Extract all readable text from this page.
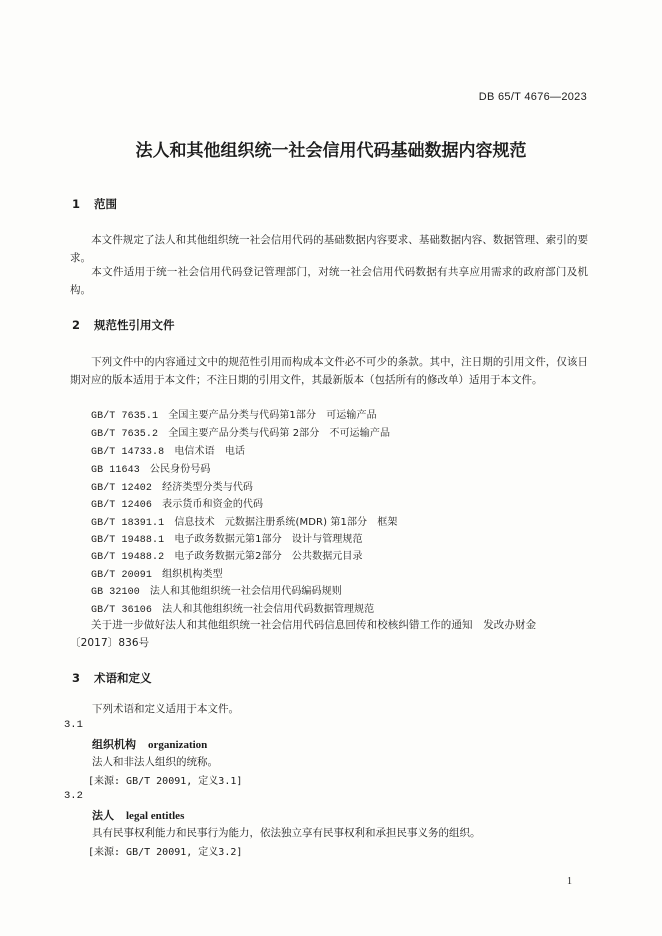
DB 65/T 4676—2023
法人和其他组织统一社会信用代码基础数据内容规范
1 范围
本文件规定了法人和其他组织统一社会信用代码的基础数据内容要求、基础数据内容、数据管理、索引的要求。
本文件适用于统一社会信用代码登记管理部门，对统一社会信用代码数据有共享应用需求的政府部门及机构。
2 规范性引用文件
下列文件中的内容通过文中的规范性引用而构成本文件必不可少的条款。其中，注日期的引用文件，仅该日期对应的版本适用于本文件；不注日期的引用文件，其最新版本（包括所有的修改单）适用于本文件。
GB/T 7635.1　 全国主要产品分类与代码第1部分　可运输产品
GB/T 7635.2　 全国主要产品分类与代码第 2部分　不可运输产品
GB/T 14733.8　 电信术语　电话
GB 11643　 公民身份号码
GB/T 12402　 经济类型分类与代码
GB/T 12406　 表示货币和资金的代码
GB/T 18391.1　 信息技术　元数据注册系统(MDR) 第1部分　框架
GB/T 19488.1　 电子政务数据元第1部分　设计与管理规范
GB/T 19488.2　 电子政务数据元第2部分　公共数据元目录
GB/T 20091　 组织机构类型
GB 32100　 法人和其他组织统一社会信用代码编码规则
GB/T 36106　 法人和其他组织统一社会信用代码数据管理规范
关于进一步做好法人和其他组织统一社会信用代码信息回传和校核纠错工作的通知　发改办财金
〔2017〕836号
3 术语和定义
下列术语和定义适用于本文件。
3.1
组织机构 organization
法人和非法人组织的统称。
[来源: GB/T 20091, 定义3.1]
3.2
法人 legal entitles
具有民事权利能力和民事行为能力，依法独立享有民事权利和承担民事义务的组织。
[来源: GB/T 20091, 定义3.2]
1
